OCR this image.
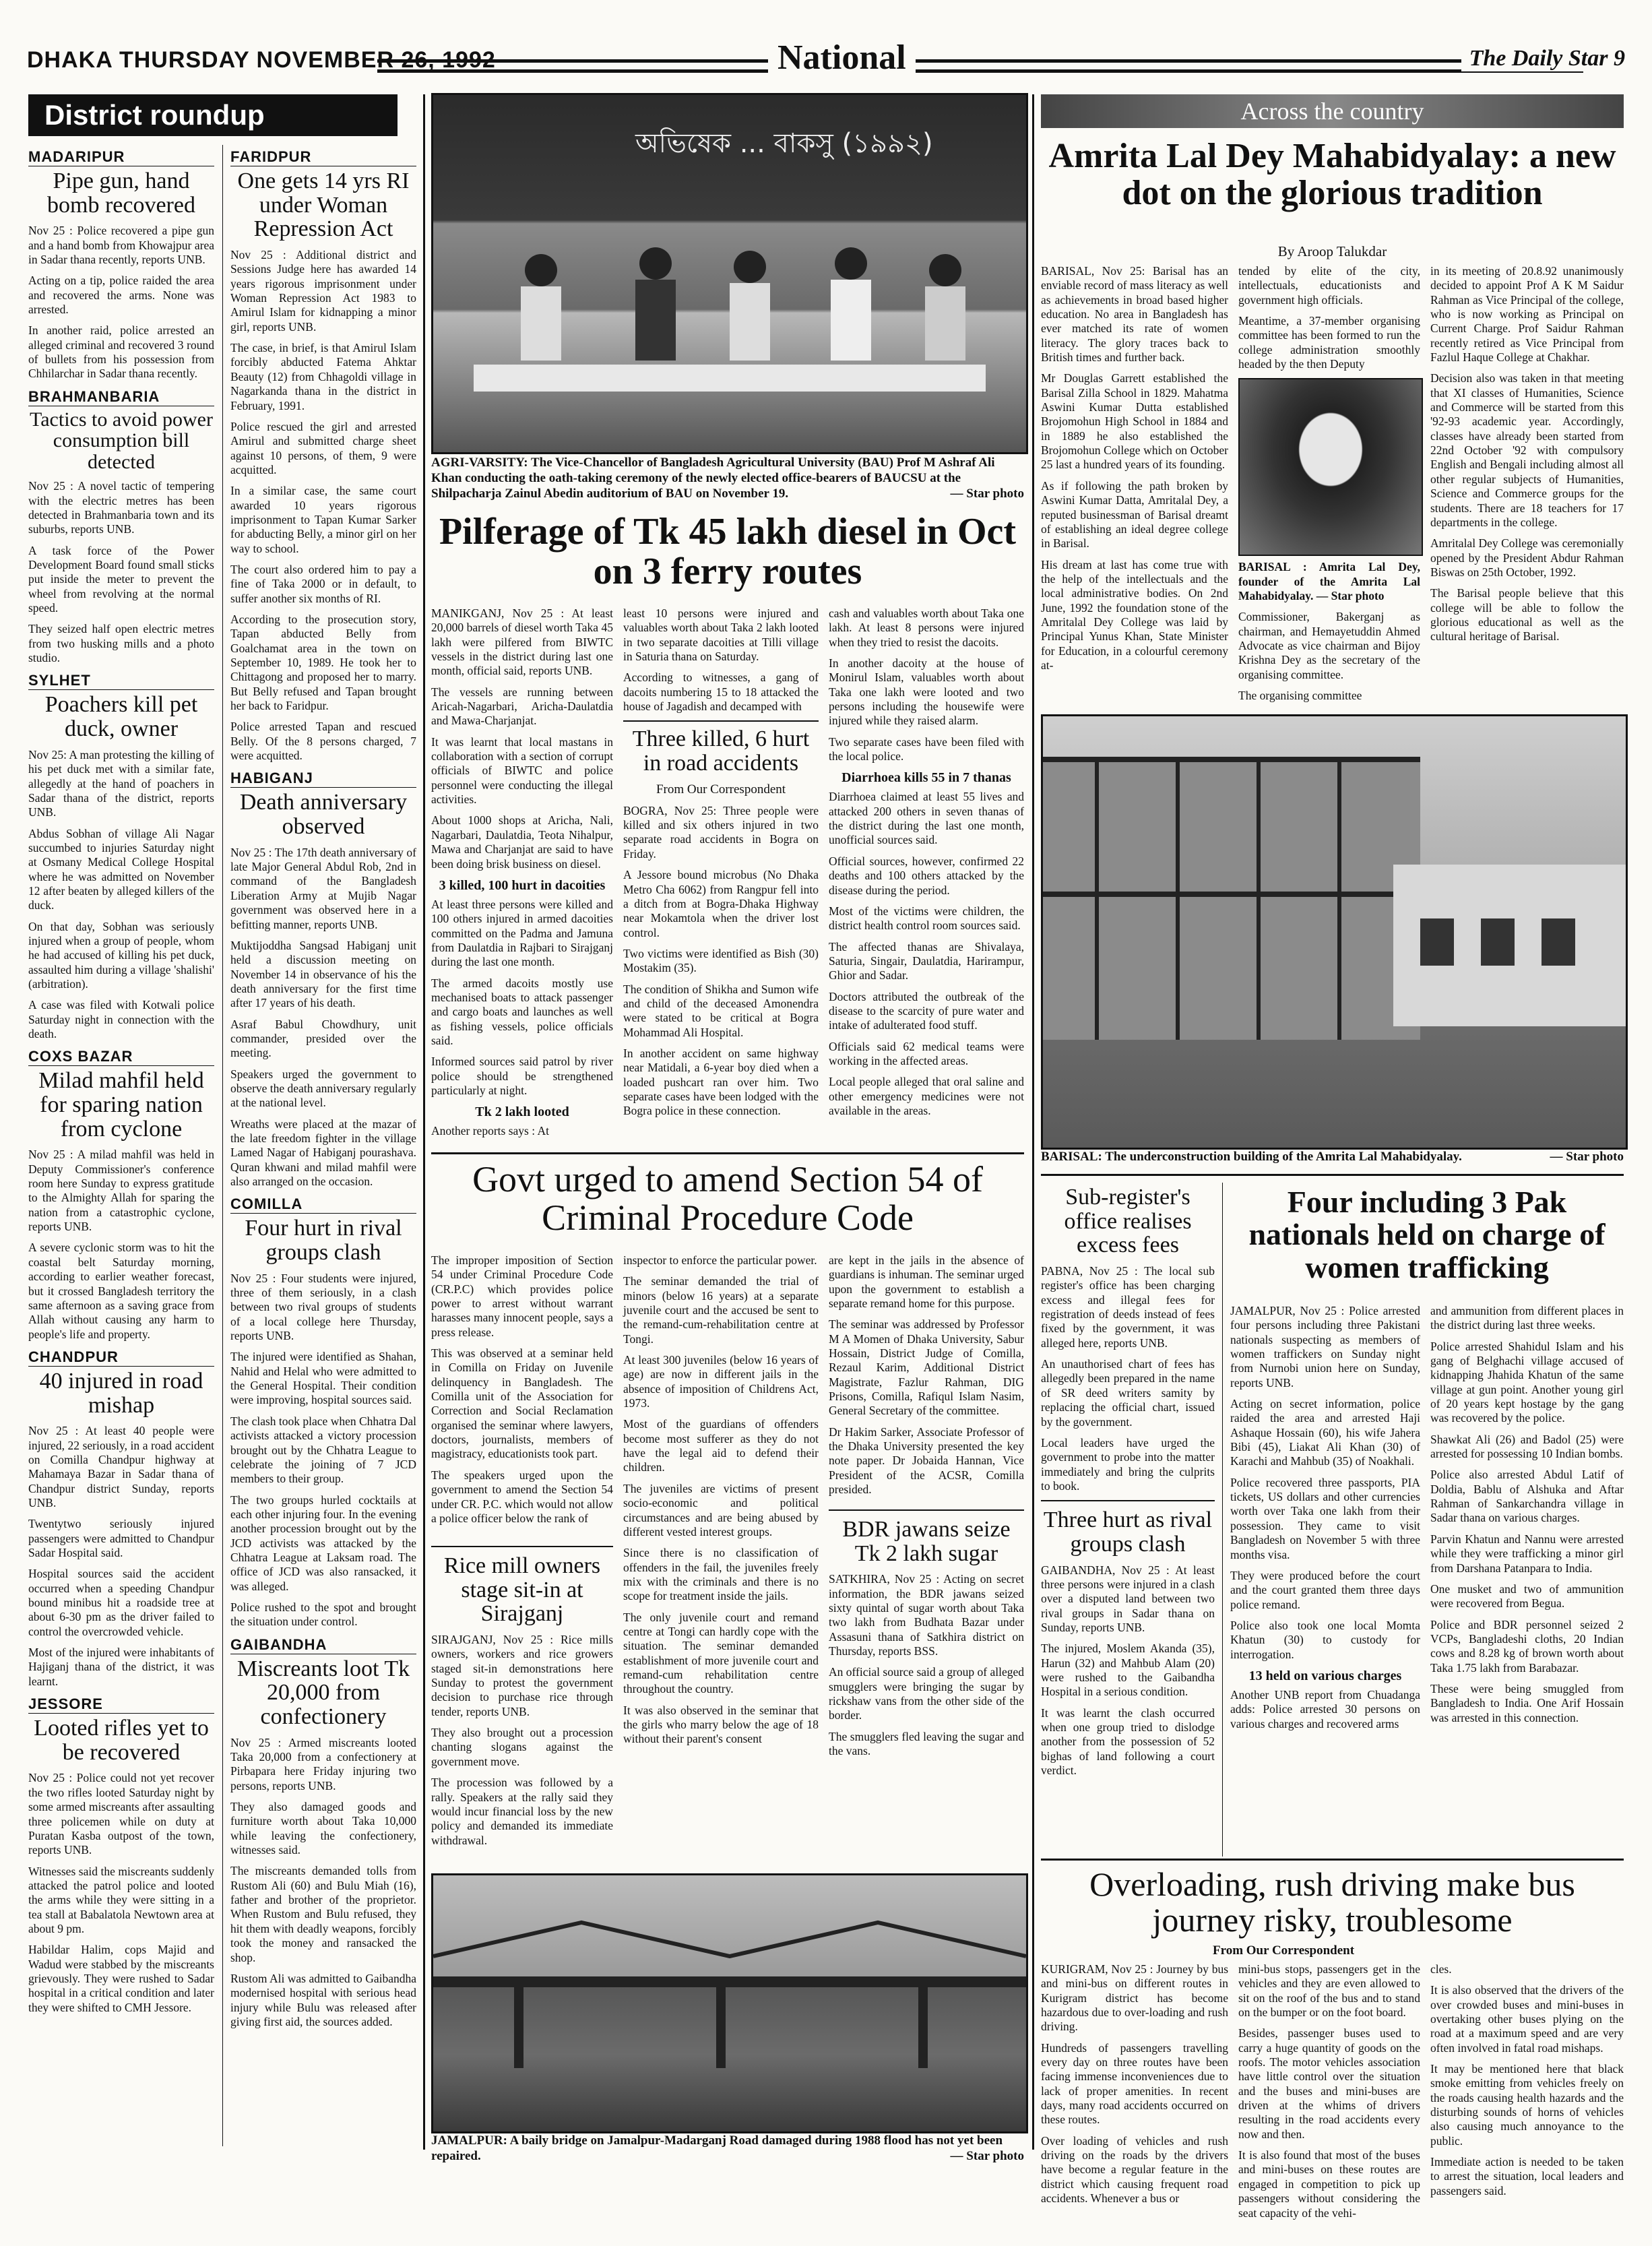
DHAKA THURSDAY NOVEMBER 26, 1992	National	The Daily Star 9
District roundup
MADARIPUR
Pipe gun, hand bomb recovered

Nov 25 : Police recovered a pipe gun and a hand bomb from Khowajpur area in Sadar thana recently, reports UNB.

Acting on a tip, police raided the area and recovered the arms. None was arrested.

In another raid, police arrested an alleged criminal and recovered 3 round of bullets from his possession from Chhilarchar in Sadar thana recently.

BRAHMANBARIA
Tactics to avoid power consumption bill detected

Nov 25 : A novel tactic of tempering with the electric metres has been detected in Brahmanbaria town and its suburbs, reports UNB.

A task force of the Power Development Board found small sticks put inside the meter to prevent the wheel from revolving at the normal speed.

They seized half open electric metres from two husking mills and a photo studio.

SYLHET
Poachers kill pet duck, owner

Nov 25: A man protesting the killing of his pet duck met with a similar fate, allegedly at the hand of poachers in Sadar thana of the district, reports UNB.

Abdus Sobhan of village Ali Nagar succumbed to injuries Saturday night at Osmany Medical College Hospital where he was admitted on November 12 after beaten by alleged killers of the duck.

On that day, Sobhan was seriously injured when a group of people, whom he had accused of killing his pet duck, assaulted him during a village 'shalishi' (arbitration).

A case was filed with Kotwali police Saturday night in connection with the death.

COXS BAZAR
Milad mahfil held for sparing nation from cyclone

Nov 25 : A milad mahfil was held in Deputy Commissioner's conference room here Sunday to express gratitude to the Almighty Allah for sparing the nation from a catastrophic cyclone, reports UNB.

A severe cyclonic storm was to hit the coastal belt Saturday morning, according to earlier weather forecast, but it crossed Bangladesh territory the same afternoon as a saving grace from Allah without causing any harm to people's life and property.

CHANDPUR
40 injured in road mishap

Nov 25 : At least 40 people were injured, 22 seriously, in a road accident on Comilla Chandpur highway at Mahamaya Bazar in Sadar thana of Chandpur district Sunday, reports UNB.

Twentytwo seriously injured passengers were admitted to Chandpur Sadar Hospital said.

Hospital sources said the accident occurred when a speeding Chandpur bound minibus hit a roadside tree at about 6-30 pm as the driver failed to control the overcrowded vehicle.

Most of the injured were inhabitants of Hajiganj thana of the district, it was learnt.

JESSORE
Looted rifles yet to be recovered

Nov 25 : Police could not yet recover the two rifles looted Saturday night by some armed miscreants after assaulting three policemen while on duty at Puratan Kasba outpost of the town, reports UNB.

Witnesses said the miscreants suddenly attacked the patrol police and looted the arms while they were sitting in a tea stall at Babalatola Newtown area at about 9 pm.

Habildar Halim, cops Majid and Wadud were stabbed by the miscreants grievously. They were rushed to Sadar hospital in a critical condition and later they were shifted to CMH Jessore.

FARIDPUR
One gets 14 yrs RI under Woman Repression Act

Nov 25 : Additional district and Sessions Judge here has awarded 14 years rigorous imprisonment under Woman Repression Act 1983 to Amirul Islam for kidnapping a minor girl, reports UNB.

The case, in brief, is that Amirul Islam forcibly abducted Fatema Ahktar Beauty (12) from Chhagoldi village in Nagarkanda thana in the district in February, 1991.

Police rescued the girl and arrested Amirul and submitted charge sheet against 10 persons, of them, 9 were acquitted.

In a similar case, the same court awarded 10 years rigorous imprisonment to Tapan Kumar Sarker for abducting Belly, a minor girl on her way to school.

The court also ordered him to pay a fine of Taka 2000 or in default, to suffer another six months of RI.

According to the prosecution story, Tapan abducted Belly from Goalchamat area in the town on September 10, 1989. He took her to Chittagong and proposed her to marry. But Belly refused and Tapan brought her back to Faridpur.

Police arrested Tapan and rescued Belly. Of the 8 persons charged, 7 were acquitted.

HABIGANJ
Death anniversary observed

Nov 25 : The 17th death anniversary of late Major General Abdul Rob, 2nd in command of the Bangladesh Liberation Army at Mujib Nagar government was observed here in a befitting manner, reports UNB.

Muktijoddha Sangsad Habiganj unit held a discussion meeting on November 14 in observance of his the death anniversary for the first time after 17 years of his death.

Asraf Babul Chowdhury, unit commander, presided over the meeting.

Speakers urged the government to observe the death anniversary regularly at the national level.

Wreaths were placed at the mazar of the late freedom fighter in the village Lamed Nagar of Habiganj pourashava. Quran khwani and milad mahfil were also arranged on the occasion.

COMILLA
Four hurt in rival groups clash

Nov 25 : Four students were injured, three of them seriously, in a clash between two rival groups of students of a local college here Thursday, reports UNB.

The injured were identified as Shahan, Nahid and Helal who were admitted to the General Hospital. Their condition were improving, hospital sources said.

The clash took place when Chhatra Dal activists attacked a victory procession brought out by the Chhatra League to celebrate the joining of 7 JCD members to their group.

The two groups hurled cocktails at each other injuring four. In the evening another procession brought out by the JCD activists was attacked by the Chhatra League at Laksam road. The office of JCD was also ransacked, it was alleged.

Police rushed to the spot and brought the situation under control.

GAIBANDHA
Miscreants loot Tk 20,000 from confectionery

Nov 25 : Armed miscreants looted Taka 20,000 from a confectionery at Pirbapara here Friday injuring two persons, reports UNB.

They also damaged goods and furniture worth about Taka 10,000 while leaving the confectionery, witnesses said.

The miscreants demanded tolls from Rustom Ali (60) and Bulu Miah (16), father and brother of the proprietor. When Rustom and Bulu refused, they hit them with deadly weapons, forcibly took the money and ransacked the shop.

Rustom Ali was admitted to Gaibandha modernised hospital with serious head injury while Bulu was released after giving first aid, the sources added.

অভিষেক ... বাকসু (১৯৯২)
AGRI-VARSITY: The Vice-Chancellor of Bangladesh Agricultural University (BAU) Prof M Ashraf Ali Khan conducting the oath-taking ceremony of the newly elected office-bearers of BAUCSU at the Shilpacharja Zainul Abedin auditorium of BAU on November 19.	— Star photo
Pilferage of Tk 45 lakh diesel in Oct on 3 ferry routes

MANIKGANJ, Nov 25 : At least 20,000 barrels of diesel worth Taka 45 lakh were pilfered from BIWTC vessels in the district during last one month, official said, reports UNB.

The vessels are running between Aricah-Nagarbari, Aricha-Daulatdia and Mawa-Charjanjat.

It was learnt that local mastans in collaboration with a section of corrupt officials of BIWTC and police personnel were conducting the illegal activities.

About 1000 shops at Aricha, Nali, Nagarbari, Daulatdia, Teota Nihalpur, Mawa and Charjanjat are said to have been doing brisk business on diesel.

3 killed, 100 hurt in dacoities

At least three persons were killed and 100 others injured in armed dacoities committed on the Padma and Jamuna from Daulatdia in Rajbari to Sirajganj during the last one month.

The armed dacoits mostly use mechanised boats to attack passenger and cargo boats and launches as well as fishing vessels, police officials said.

Informed sources said patrol by river police should be strengthened particularly at night.

Tk 2 lakh looted

Another reports says : At

least 10 persons were injured and valuables worth about Taka 2 lakh looted in two separate dacoities at Tilli village in Saturia thana on Saturday.

According to witnesses, a gang of dacoits numbering 15 to 18 attacked the house of Jagadish and decamped with

Three killed, 6 hurt in road accidents
From Our Correspondent

BOGRA, Nov 25: Three people were killed and six others injured in two separate road accidents in Bogra on Friday.

A Jessore bound microbus (No Dhaka Metro Cha 6062) from Rangpur fell into a ditch from at Bogra-Dhaka Highway near Mokamtola when the driver lost control.

Two victims were identified as Bish (30) Mostakim (35).

The condition of Shikha and Sumon wife and child of the deceased Amonendra were stated to be critical at Bogra Mohammad Ali Hospital.

In another accident on same highway near Matidali, a 6-year boy died when a loaded pushcart ran over him. Two separate cases have been lodged with the Bogra police in these connection.

cash and valuables worth about Taka one lakh. At least 8 persons were injured when they tried to resist the dacoits.

In another dacoity at the house of Monirul Islam, valuables worth about Taka one lakh were looted and two persons including the housewife were injured while they raised alarm.

Two separate cases have been filed with the local police.

Diarrhoea kills 55 in 7 thanas

Diarrhoea claimed at least 55 lives and attacked 200 others in seven thanas of the district during the last one month, unofficial sources said.

Official sources, however, confirmed 22 deaths and 100 others attacked by the disease during the period.

Most of the victims were children, the district health control room sources said.

The affected thanas are Shivalaya, Saturia, Singair, Daulatdia, Harirampur, Ghior and Sadar.

Doctors attributed the outbreak of the disease to the scarcity of pure water and intake of adulterated food stuff.

Officials said 62 medical teams were working in the affected areas.

Local people alleged that oral saline and other emergency medicines were not available in the areas.

Govt urged to amend Section 54 of Criminal Procedure Code

The improper imposition of Section 54 under Criminal Procedure Code (CR.P.C) which provides police power to arrest without warrant harasses many innocent people, says a press release.

This was observed at a seminar held in Comilla on Friday on Juvenile delinquency in Bangladesh. The Comilla unit of the Association for Correction and Social Reclamation organised the seminar where lawyers, doctors, journalists, members of magistracy, educationists took part.

The speakers urged upon the government to amend the Section 54 under CR. P.C. which would not allow a police officer below the rank of

Rice mill owners stage sit-in at Sirajganj

SIRAJGANJ, Nov 25 : Rice mills owners, workers and rice growers staged sit-in demonstrations here Sunday to protest the government decision to purchase rice through tender, reports UNB.

They also brought out a procession chanting slogans against the government move.

The procession was followed by a rally. Speakers at the rally said they would incur financial loss by the new policy and demanded its immediate withdrawal.

inspector to enforce the particular power.

The seminar demanded the trial of minors (below 16 years) at a separate juvenile court and the accused be sent to the remand-cum-rehabilitation centre at Tongi.

At least 300 juveniles (below 16 years of age) are now in different jails in the absence of imposition of Childrens Act, 1973.

Most of the guardians of offenders become most sufferer as they do not have the legal aid to defend their children.

The juveniles are victims of present socio-economic and political circumstances and are being abused by different vested interest groups.

Since there is no classification of offenders in the fail, the juveniles freely mix with the criminals and there is no scope for treatment inside the jails.

The only juvenile court and remand centre at Tongi can hardly cope with the situation. The seminar demanded establishment of more juvenile court and remand-cum rehabilitation centre throughout the country.

It was also observed in the seminar that the girls who marry below the age of 18 without their parent's consent

are kept in the jails in the absence of guardians is inhuman. The seminar urged upon the government to establish a separate remand home for this purpose.

The seminar was addressed by Professor M A Momen of Dhaka University, Sabur Hossain, District Judge of Comilla, Rezaul Karim, Additional District Magistrate, Fazlur Rahman, DIG Prisons, Comilla, Rafiqul Islam Nasim, General Secretary of the committee.

Dr Hakim Sarker, Associate Professor of the Dhaka University presented the key note paper. Dr Jobaida Hannan, Vice President of the ACSR, Comilla presided.

BDR jawans seize Tk 2 lakh sugar

SATKHIRA, Nov 25 : Acting on secret information, the BDR jawans seized sixty quintal of sugar worth about Taka two lakh from Budhata Bazar under Assasuni thana of Satkhira district on Thursday, reports BSS.

An official source said a group of alleged smugglers were bringing the sugar by rickshaw vans from the other side of the border.

The smugglers fled leaving the sugar and the vans.

JAMALPUR: A baily bridge on Jamalpur-Madarganj Road damaged during 1988 flood has not yet been repaired.	— Star photo
Across the country
Amrita Lal Dey Mahabidyalay: a new dot on the glorious tradition
By Aroop Talukdar

BARISAL, Nov 25: Barisal has an enviable record of mass literacy as well as achievements in broad based higher education. No area in Bangladesh has ever matched its rate of women literacy. The glory traces back to British times and further back.

Mr Douglas Garrett established the Barisal Zilla School in 1829. Mahatma Aswini Kumar Dutta established Brojomohun High School in 1884 and in 1889 he also established the Brojomohun College which on October 25 last a hundred years of its founding.

As if following the path broken by Aswini Kumar Datta, Amritalal Dey, a reputed businessman of Barisal dreamt of establishing an ideal degree college in Barisal.

His dream at last has come true with the help of the intellectuals and the local administrative bodies. On 2nd June, 1992 the foundation stone of the Amritalal Dey College was laid by Principal Yunus Khan, State Minister for Education, in a colourful ceremony at-

tended by elite of the city, intellectuals, educationists and government high officials.

Meantime, a 37-member organising committee has been formed to run the college administration smoothly headed by the then Deputy

BARISAL : Amrita Lal Dey, founder of the Amrita Lal Mahabidyalay. — Star photo

Commissioner, Bakerganj as chairman, and Hemayetuddin Ahmed Advocate as vice chairman and Bijoy Krishna Dey as the secretary of the organising committee.

The organising committee

in its meeting of 20.8.92 unanimously decided to appoint Prof A K M Saidur Rahman as Vice Principal of the college, who is now working as Principal on Current Charge. Prof Saidur Rahman recently retired as Vice Principal from Fazlul Haque College at Chakhar.

Decision also was taken in that meeting that XI classes of Humanities, Science and Commerce will be started from this '92-93 academic year. Accordingly, classes have already been started from 22nd October '92 with compulsory English and Bengali including almost all other regular subjects of Humanities, Science and Commerce groups for the students. There are 18 teachers for 17 departments in the college.

Amritalal Dey College was ceremonially opened by the President Abdur Rahman Biswas on 25th October, 1992.

The Barisal people believe that this college will be able to follow the glorious educational as well as the cultural heritage of Barisal.

BARISAL: The underconstruction building of the Amrita Lal Mahabidyalay.	— Star photo
Sub-register's office realises excess fees

PABNA, Nov 25 : The local sub register's office has been charging excess and illegal fees for registration of deeds instead of fees fixed by the government, it was alleged here, reports UNB.

An unauthorised chart of fees has allegedly been prepared in the name of SR deed writers samity by replacing the official chart, issued by the government.

Local leaders have urged the government to probe into the matter immediately and bring the culprits to book.

Three hurt as rival groups clash

GAIBANDHA, Nov 25 : At least three persons were injured in a clash over a disputed land between two rival groups in Sadar thana on Sunday, reports UNB.

The injured, Moslem Akanda (35), Harun (32) and Mahbub Alam (20) were rushed to the Gaibandha Hospital in a serious condition.

It was learnt the clash occurred when one group tried to dislodge another from the possession of 52 bighas of land following a court verdict.

Four including 3 Pak nationals held on charge of women trafficking

JAMALPUR, Nov 25 : Police arrested four persons including three Pakistani nationals suspecting as members of women traffickers on Sunday night from Nurnobi union here on Sunday, reports UNB.

Acting on secret information, police raided the area and arrested Haji Ashaque Hossain (60), his wife Jahera Bibi (45), Liakat Ali Khan (30) of Karachi and Mahbub (35) of Noakhali.

Police recovered three passports, PIA tickets, US dollars and other currencies worth over Taka one lakh from their possession. They came to visit Bangladesh on November 5 with three months visa.

They were produced before the court and the court granted them three days police remand.

Police also took one local Momta Khatun (30) to custody for interrogation.

13 held on various charges

Another UNB report from Chuadanga adds: Police arrested 30 persons on various charges and recovered arms

and ammunition from different places in the district during last three weeks.

Police arrested Shahidul Islam and his gang of Belghachi village accused of kidnapping Jhahida Khatun of the same village at gun point. Another young girl of 20 years kept hostage by the gang was recovered by the police.

Shawkat Ali (26) and Badol (25) were arrested for possessing 10 Indian bombs.

Police also arrested Abdul Latif of Doldia, Bablu of Alshuka and Aftar Rahman of Sankarchandra village in Sadar thana on various charges.

Parvin Khatun and Nannu were arrested while they were trafficking a minor girl from Darshana Patanpara to India.

One musket and two of ammunition were recovered from Begua.

Police and BDR personnel seized 2 VCPs, Bangladeshi cloths, 20 Indian cows and 8.28 kg of brown worth about Taka 1.75 lakh from Barabazar.

These were being smuggled from Bangladesh to India. One Arif Hossain was arrested in this connection.

Overloading, rush driving make bus journey risky, troublesome
From Our Correspondent

KURIGRAM, Nov 25 : Journey by bus and mini-bus on different routes in Kurigram district has become hazardous due to over-loading and rush driving.

Hundreds of passengers travelling every day on three routes have been facing immense inconveniences due to lack of proper amenities. In recent days, many road accidents occurred on these routes.

Over loading of vehicles and rush driving on the roads by the drivers have become a regular feature in the district which causing frequent road accidents. Whenever a bus or

mini-bus stops, passengers get in the vehicles and they are even allowed to sit on the roof of the bus and to stand on the bumper or on the foot board.

Besides, passenger buses used to carry a huge quantity of goods on the roofs. The motor vehicles association have little control over the situation and the buses and mini-buses are driven at the whims of drivers resulting in the road accidents every now and then.

It is also found that most of the buses and mini-buses on these routes are engaged in competition to pick up passengers without considering the seat capacity of the vehi-

cles.

It is also observed that the drivers of the over crowded buses and mini-buses in overtaking other buses plying on the road at a maximum speed and are very often involved in fatal road mishaps.

It may be mentioned here that black smoke emitting from vehicles freely on the roads causing health hazards and the disturbing sounds of horns of vehicles also causing much annoyance to the public.

Immediate action is needed to be taken to arrest the situation, local leaders and passengers said.
